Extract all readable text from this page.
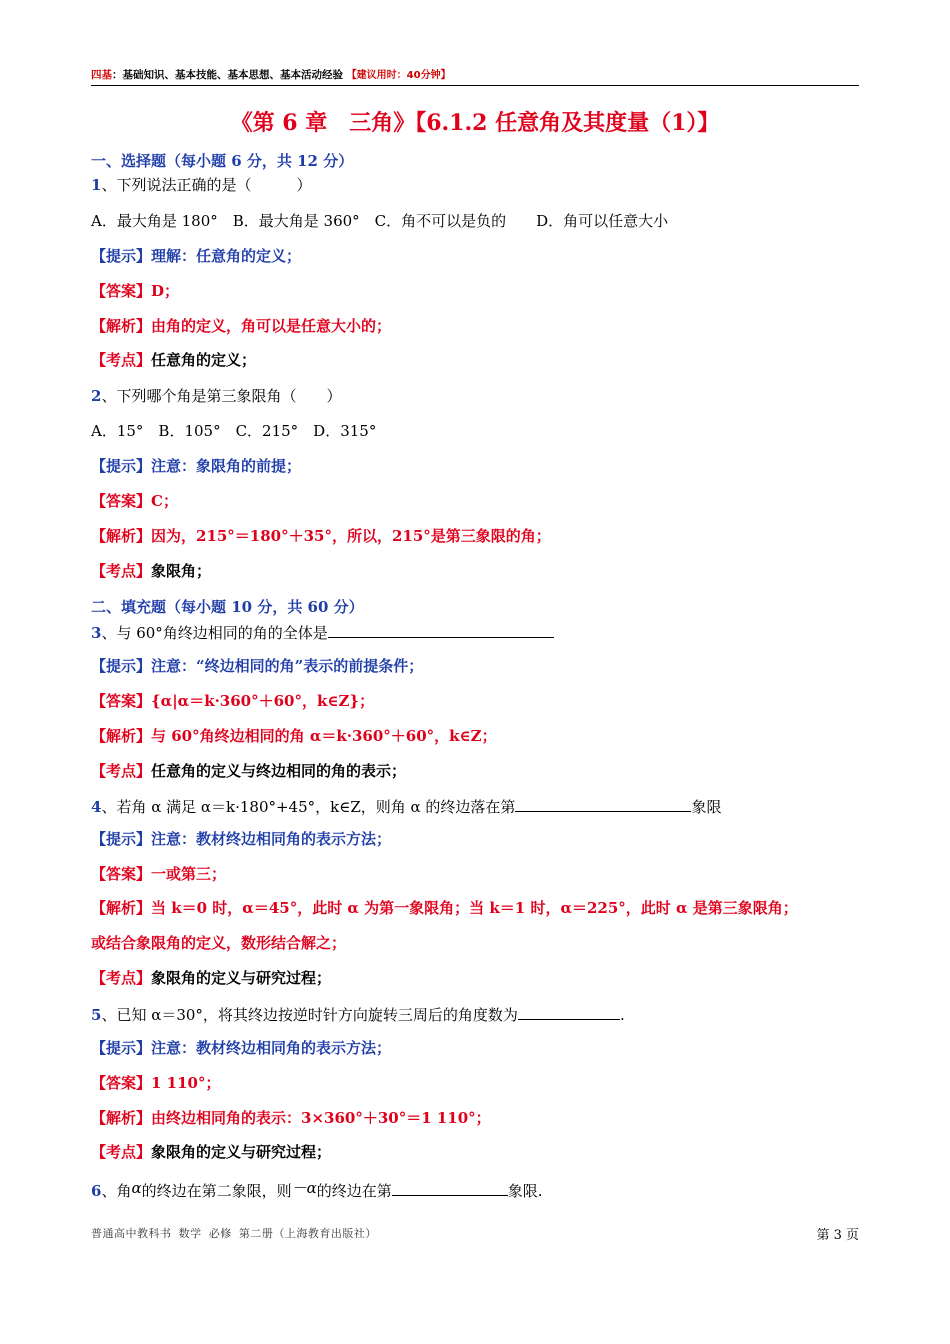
四基：基础知识、基本技能、基本思想、基本活动经验 【建议用时：40分钟】
《第 6 章　三角》【6.1.2 任意角及其度量（1）】
一、选择题（每小题 6 分，共 12 分）
1、下列说法正确的是（　　　）
A．最大角是 180°　B．最大角是 360°　C．角不可以是负的　　D．角可以任意大小
【提示】理解：任意角的定义；
【答案】D；
【解析】由角的定义，角可以是任意大小的；
【考点】任意角的定义；
2、下列哪个角是第三象限角（　　）
A．15°　B．105°　C．215°　D．315°
【提示】注意：象限角的前提；
【答案】C；
【解析】因为，215°＝180°＋35°，所以，215°是第三象限的角；
【考点】象限角；
二、填充题（每小题 10 分，共 60 分）
3、与 60°角终边相同的角的全体是
【提示】注意：“终边相同的角”表示的前提条件；
【答案】{α|α＝k·360°＋60°，k∈Z}；
【解析】与 60°角终边相同的角 α＝k·360°＋60°，k∈Z；
【考点】任意角的定义与终边相同的角的表示；
4、若角 α 满足 α＝k·180°+45°，k∈Z，则角 α 的终边落在第	象限
【提示】注意：教材终边相同角的表示方法；
【答案】一或第三；
【解析】当 k＝0 时，α＝45°，此时 α 为第一象限角；当 k＝1 时，α＝225°，此时 α 是第三象限角；
或结合象限角的定义，数形结合解之；
【考点】象限角的定义与研究过程；
5、已知 α＝30°，将其终边按逆时针方向旋转三周后的角度数为	.
【提示】注意：教材终边相同角的表示方法；
【答案】1 110°；
【解析】由终边相同角的表示：3×360°＋30°＝1 110°；
【考点】象限角的定义与研究过程；
6、角α的终边在第二象限，则－α的终边在第	象限.
普通高中教科书 数学 必修 第二册（上海教育出版社）	第 3 页
